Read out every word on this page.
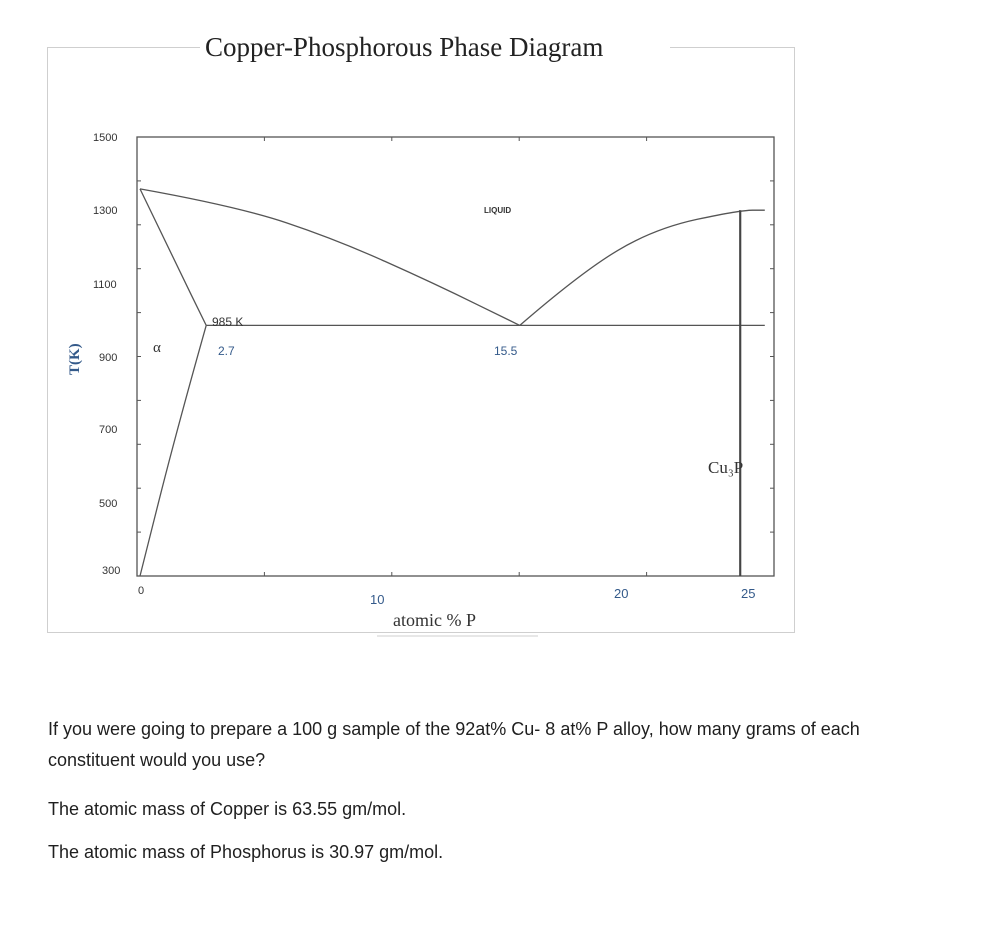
Copper-Phosphorous Phase Diagram
T(K)
1500
1300
1100
900
700
500
300
0
10	20	25
atomic % P
LIQUID
α
Cu₃P
985 K
2.7	15.5

If you were going to prepare a 100 g sample of the 92at% Cu- 8 at% P alloy, how many grams of each constituent would you use?

The atomic mass of Copper is 63.55 gm/mol.

The atomic mass of Phosphorus is 30.97 gm/mol.
